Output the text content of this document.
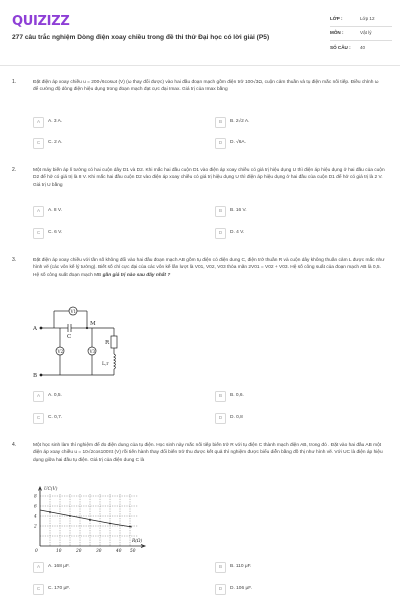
QUIZIZZ
277 câu trắc nghiệm Dòng điện xoay chiều trong đề thi thử Đại học có lời giải (P5)
LỚP :	Lớp 12
MÔN :	Vật lý
SỐ CÂU :	40
1.	Đặt điện áp xoay chiều u = 200√6cosωt (V) (ω thay đổi được) vào hai đầu đoạn mạch gồm điện trở 100√3Ω, cuộn cảm thuần và tụ điện mắc nối tiếp. Điều chỉnh ω để cường độ dòng điện hiệu dụng trong đoạn mạch đạt cực đại Imax. Giá trị của Imax bằng
A	A. 3 A.	B	B. 2√2 A.
C	C. 2 A.	D	D. √6A.
2.	Một máy biến áp lí tưởng có hai cuộn dây D1 và D2. Khi mắc hai đầu cuộn D1 vào điện áp xoay chiều có giá trị hiệu dụng U thì điện áp hiệu dụng ở hai đầu của cuộn D2 để hở có giá trị là 8 V. Khi mắc hai đầu cuộn D2 vào điện áp xoay chiều có giá trị hiệu dụng U thì điện áp hiệu dụng ở hai đầu của cuộn D1 để hở có giá trị là 2 V. Giá trị U bằng
A	A. 8 V.	B	B. 16 V.
C	C. 6 V.	D	D. 4 V.
3.	Đặt điện áp xoay chiều với tần số không đổi vào hai đầu đoạn mạch AB gồm tụ điện có điện dung C, điện trở thuần R và cuộn dây không thuần cảm L được mắc như hình vẽ (các vôn kế lý tưởng). Biết số chỉ cực đại của các vôn kế lần lượt là V01, V02, V03 thỏa mãn 2V01 = V02 + V03. Hệ số công suất của đoạn mạch AB là 0,5. Hệ số công suất đoạn mạch MB gần giá trị nào sau đây nhất ?
V1
V2	V3
A
B
M
C
R
L,r
A	A. 0,5.	B	B. 0,6.
C	C. 0,7.	D	D. 0,8
4.	Một học sinh làm thí nghiệm để đo điện dung của tụ điện. Học sinh này mắc nối tiếp biến trở R với tụ điện C thành mạch điện AB, trong đó . Đặt vào hai đầu AB một điện áp xoay chiều u = 10√2cos100πt (V) rồi tiến hành thay đổi biến trở thu được kết quả thí nghiệm được biểu diễn bằng đồ thị như hình vẽ. Với UC là điện áp hiệu dụng giữa hai đầu tụ điện. Giá trị của điện dung C là
UC(V)
R(Ω)
8
6
4
2
0	10	20	30	40 50
A	A. 168 μF.	B	B. 110 μF.
C	C. 170 μF.	D	D. 106 μF.
